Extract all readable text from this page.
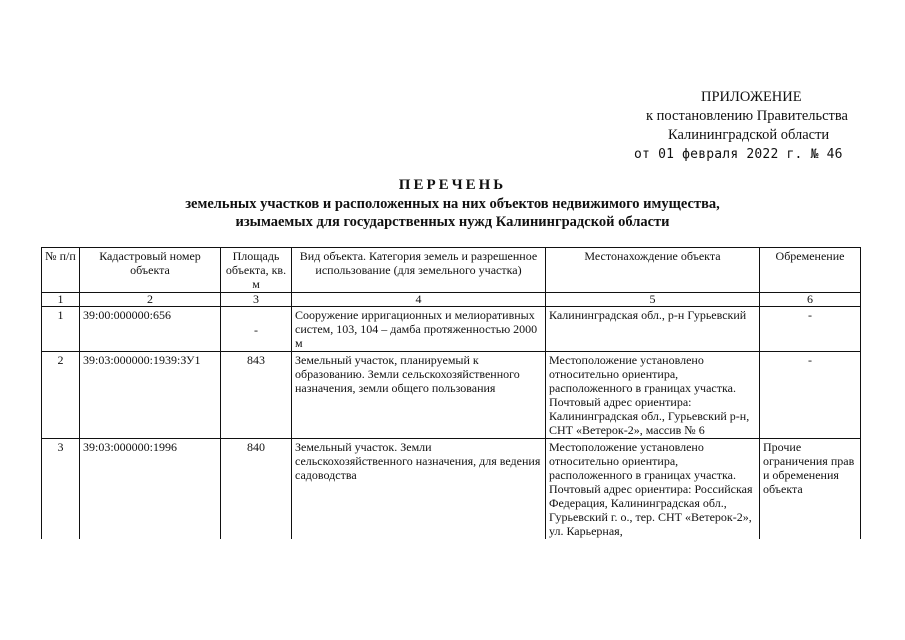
ПРИЛОЖЕНИЕ
к постановлению Правительства
Калининградской области
от 01 февраля 2022 г. № 46
ПЕРЕЧЕНЬ
земельных участков и расположенных на них объектов недвижимого имущества,
изымаемых для государственных нужд Калининградской области
№ п/п	Кадастровый номер объекта	Площадь объекта, кв. м	Вид объекта. Категория земель и разрешенное использование (для земельного участка)	Местонахождение объекта	Обременение
1	2	3	4	5	6
1	39:00:000000:656	-	Сооружение ирригационных и мелиоративных систем, 103, 104 – дамба протяженностью 2000 м	Калининградская обл., р-н Гурьевский	-
2	39:03:000000:1939:ЗУ1	843	Земельный участок, планируемый к образованию. Земли сельскохозяйственного назначения, земли общего пользования	Местоположение установлено относительно ориентира, расположенного в границах участка. Почтовый адрес ориентира: Калининградская обл., Гурьевский р-н, СНТ «Ветерок-2», массив № 6	-
3	39:03:000000:1996	840	Земельный участок. Земли сельскохозяйственного назначения, для ведения садоводства	Местоположение установлено относительно ориентира, расположенного в границах участка. Почтовый адрес ориентира: Российская Федерация, Калининградская обл., Гурьевский г. о., тер. СНТ «Ветерок-2», ул. Карьерная,	Прочие ограничения прав и обременения объекта
